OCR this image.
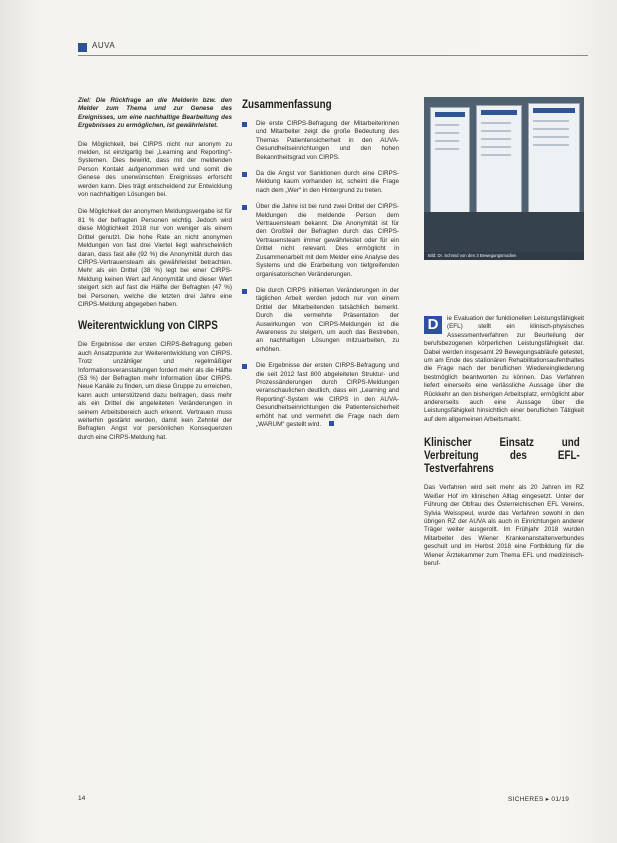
AUVA

Ziel: Die Rückfrage an die Melderin bzw. den Melder zum Thema und zur Genese des Ereignisses, um eine nachhaltige Bearbeitung des Ergebnisses zu ermöglichen, ist gewährleistet.

Die Möglichkeit, bei CIRPS nicht nur anonym zu melden, ist einzigartig bei „Learning and Reporting“-Systemen. Dies bewirkt, dass mit der meldenden Person Kontakt aufgenommen wird und somit die Genese des unerwünschten Ereignisses erforscht werden kann. Dies trägt entscheidend zur Entwicklung von nachhaltigen Lösungen bei.

Die Möglichkeit der anonymen Meldungsvergabe ist für 81 % der befragten Personen wichtig. Jedoch wird diese Möglichkeit 2018 nur von weniger als einem Drittel genutzt. Die hohe Rate an nicht anonymen Meldungen von fast drei Viertel liegt wahrscheinlich daran, dass fast alle (92 %) die Anonymität durch das CIRPS-Vertrauensteam als gewährleistet betrachten. Mehr als ein Drittel (38 %) legt bei einer CIRPS-Meldung keinen Wert auf Anonymität und dieser Wert steigert sich auf fast die Hälfte der Befragten (47 %) bei Personen, welche die letzten drei Jahre eine CIRPS-Meldung abgegeben haben.

Weiterentwicklung von CIRPS

Die Ergebnisse der ersten CIRPS-Befragung geben auch Ansatzpunkte zur Weiterentwicklung von CIRPS. Trotz unzähliger und regelmäßiger Informationsveranstaltungen fordert mehr als die Hälfte (53 %) der Befragten mehr Information über CIRPS. Neue Kanäle zu finden, um diese Gruppe zu erreichen, kann auch unterstützend dazu beitragen, dass mehr als ein Drittel die angeleiteten Veränderungen in seinem Arbeitsbereich auch erkennt. Vertrauen muss weiterhin gestärkt werden, damit kein Zehntel der Befragten Angst vor persönlichen Konsequenzen durch eine CIRPS-Meldung hat.

Zusammenfassung
Die erste CIRPS-Befragung der Mitarbeiterinnen und Mitarbeiter zeigt die große Bedeutung des Themas Patientensicherheit in den AUVA-Gesundheitseinrichtungen und den hohen Bekanntheitsgrad von CIRPS.
Da die Angst vor Sanktionen durch eine CIRPS-Meldung kaum vorhanden ist, scheint die Frage nach dem „Wer“ in den Hintergrund zu treten.
Über die Jahre ist bei rund zwei Drittel der CIRPS-Meldungen die meldende Person dem Vertrauensteam bekannt. Die Anonymität ist für den Großteil der Befragten durch das CIRPS-Vertrauensteam immer gewährleistet oder für ein Drittel nicht relevant. Dies ermöglicht in Zusammenarbeit mit dem Melder eine Analyse des Systems und die Erarbeitung von tiefgreifenden organisatorischen Veränderungen.
Die durch CIRPS initiierten Veränderungen in der täglichen Arbeit werden jedoch nur von einem Drittel der Mitarbeitenden tatsächlich bemerkt. Durch die vermehrte Präsentation der Auswirkungen von CIRPS-Meldungen ist die Awareness zu steigern, um auch das Bestreben, an nachhaltigen Lösungen mitzuarbeiten, zu erhöhen.
Die Ergebnisse der ersten CIRPS-Befragung und die seit 2012 fast 800 abgeleiteten Struktur- und Prozessänderungen durch CIRPS-Meldungen veranschaulichen deutlich, dass ein „Learning and Reporting“-System wie CIRPS in den AUVA-Gesundheitseinrichtungen die Patientensicherheit erhöht hat und vermehrt die Frage nach dem „WARUM“ gestellt wird.
Bild: Dr. Schmid von den 3 Bewegungsmodien
D	ie Evaluation der funktionellen Leistungsfähigkeit (EFL) stellt ein klinisch-physisches Assessmentverfahren zur Beurteilung der berufsbezogenen körperlichen Leistungsfähigkeit dar. Dabei werden insgesamt 29 Bewegungsabläufe getestet, um am Ende des stationären Rehabilitationsaufenthaltes die Frage nach der beruflichen Wiedereingliederung bestmöglich beantworten zu können. Das Verfahren liefert einerseits eine verlässliche Aussage über die Rückkehr an den bisherigen Arbeitsplatz, ermöglicht aber andererseits auch eine Aussage über die Leistungsfähigkeit hinsichtlich einer beruflichen Tätigkeit auf dem allgemeinen Arbeitsmarkt.
Klinischer Einsatz und Verbreitung des EFL-Testverfahrens

Das Verfahren wird seit mehr als 20 Jahren im RZ Weißer Hof im klinischen Alltag eingesetzt. Unter der Führung der Obfrau des Österreichischen EFL Vereins, Sylvia Weisspeul, wurde das Verfahren sowohl in den übrigen RZ der AUVA als auch in Einrichtungen anderer Träger weiter ausgerollt. Im Frühjahr 2018 wurden Mitarbeiter des Wiener Krankenanstaltenverbundes geschult und im Herbst 2018 eine Fortbildung für die Wiener Ärztekammer zum Thema EFL und medizinisch-beruf-

14	SICHERES ▸ 01/19
